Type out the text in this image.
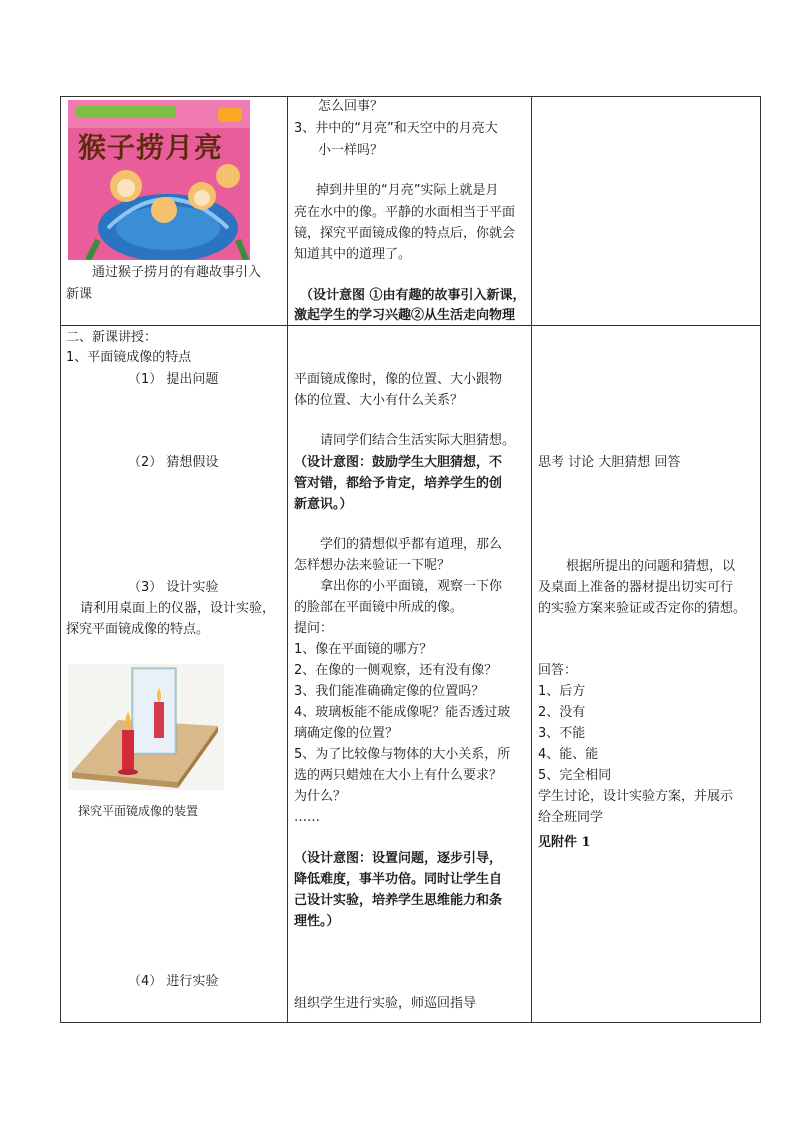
猴子捞月亮
通过猴子捞月的有趣故事引入
新课
怎么回事？
3、井中的“月亮”和天空中的月亮大
小一样吗？
掉到井里的“月亮”实际上就是月
亮在水中的像。平静的水面相当于平面
镜，探究平面镜成像的特点后，你就会
知道其中的道理了。
（设计意图 ①由有趣的故事引入新课，
激起学生的学习兴趣②从生活走向物理
二、新课讲授：
1、平面镜成像的特点
（1） 提出问题
（2） 猜想假设
（3） 设计实验
请利用桌面上的仪器，设计实验，
探究平面镜成像的特点。
探究平面镜成像的装置
（4） 进行实验
平面镜成像时，像的位置、大小跟物
体的位置、大小有什么关系？
请同学们结合生活实际大胆猜想。
（设计意图：鼓励学生大胆猜想，不
管对错，都给予肯定，培养学生的创
新意识。）
学们的猜想似乎都有道理，那么
怎样想办法来验证一下呢？
拿出你的小平面镜，观察一下你
的脸部在平面镜中所成的像。
提问：
1、像在平面镜的哪方？
2、在像的一侧观察，还有没有像？
3、我们能准确确定像的位置吗？
4、玻璃板能不能成像呢？能否透过玻
璃确定像的位置？
5、为了比较像与物体的大小关系，所
选的两只蜡烛在大小上有什么要求？
为什么？
……
（设计意图：设置问题，逐步引导，
降低难度，事半功倍。同时让学生自
己设计实验，培养学生思维能力和条
理性。）
组织学生进行实验，师巡回指导
思考 讨论 大胆猜想 回答
根据所提出的问题和猜想，以
及桌面上准备的器材提出切实可行
的实验方案来验证或否定你的猜想。
回答：
1、后方
2、没有
3、不能
4、能、能
5、完全相同
学生讨论，设计实验方案，并展示
给全班同学
见附件 1
